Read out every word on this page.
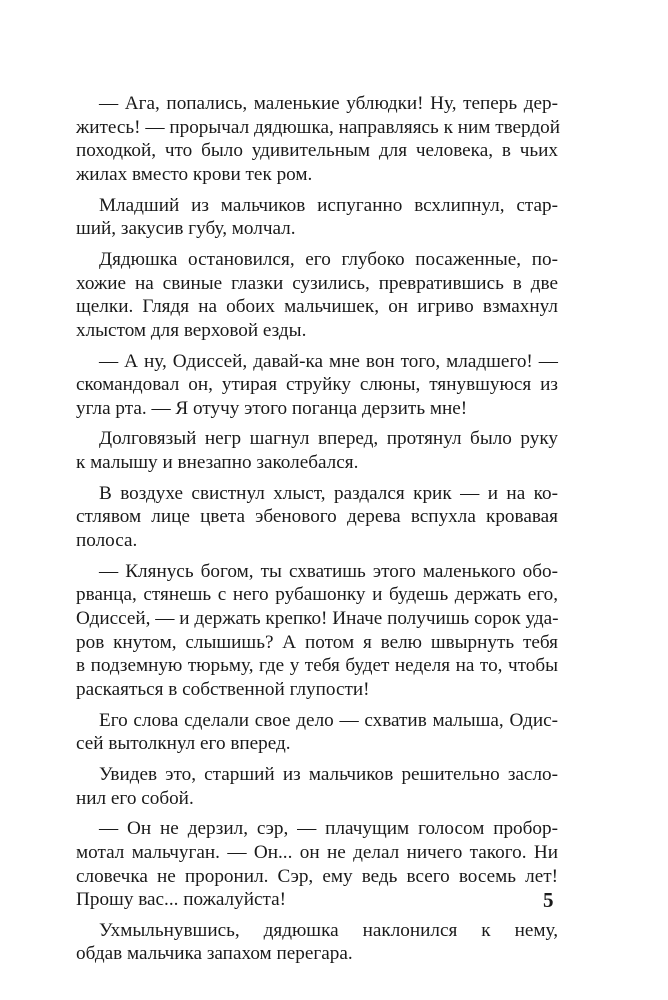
— Ага, попались, маленькие ублюдки! Ну, теперь дер-
житесь! — прорычал дядюшка, направляясь к ним твердой
походкой, что было удивительным для человека, в чьих
жилах вместо крови тек ром.
Младший из мальчиков испуганно всхлипнул, стар-
ший, закусив губу, молчал.
Дядюшка остановился, его глубоко посаженные, по-
хожие на свиные глазки сузились, превратившись в две
щелки. Глядя на обоих мальчишек, он игриво взмахнул
хлыстом для верховой езды.
— А ну, Одиссей, давай-ка мне вон того, младшего! —
скомандовал он, утирая струйку слюны, тянувшуюся из
угла рта. — Я отучу этого поганца дерзить мне!
Долговязый негр шагнул вперед, протянул было руку
к малышу и внезапно заколебался.
В воздухе свистнул хлыст, раздался крик — и на ко-
стлявом лице цвета эбенового дерева вспухла кровавая
полоса.
— Клянусь богом, ты схватишь этого маленького обо-
рванца, стянешь с него рубашонку и будешь держать его,
Одиссей, — и держать крепко! Иначе получишь сорок уда-
ров кнутом, слышишь? А потом я велю швырнуть тебя
в подземную тюрьму, где у тебя будет неделя на то, чтобы
раскаяться в собственной глупости!
Его слова сделали свое дело — схватив малыша, Одис-
сей вытолкнул его вперед.
Увидев это, старший из мальчиков решительно засло-
нил его собой.
— Он не дерзил, сэр, — плачущим голосом пробор-
мотал мальчуган. — Он... он не делал ничего такого. Ни
словечка не проронил. Сэр, ему ведь всего восемь лет!
Прошу вас... пожалуйста!
Ухмыльнувшись, дядюшка наклонился к нему,
обдав мальчика запахом перегара.
5
